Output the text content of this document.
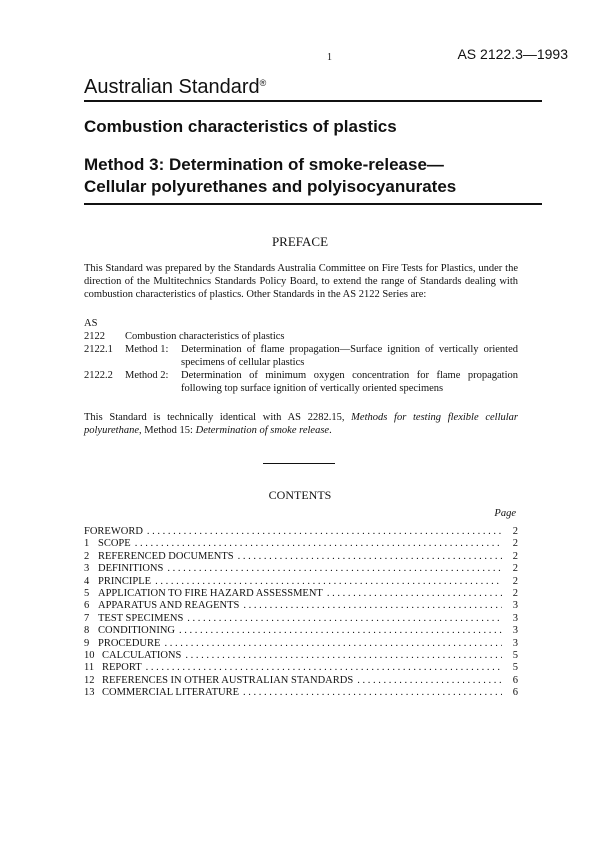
1	AS 2122.3—1993
Australian Standard®
Combustion characteristics of plastics
Method 3: Determination of smoke-release—
Cellular polyurethanes and polyisocyanurates
PREFACE
This Standard was prepared by the Standards Australia Committee on Fire Tests for Plastics, under the direction of the Multitechnics Standards Policy Board, to extend the range of Standards dealing with combustion characteristics of plastics. Other Standards in the AS 2122 Series are:
AS
2122	Combustion characteristics of plastics
2122.1	Method 1:	Determination of flame propagation—Surface ignition of vertically oriented specimens of cellular plastics
2122.2	Method 2:	Determination of minimum oxygen concentration for flame propagation following top surface ignition of vertically oriented specimens
This Standard is technically identical with AS 2282.15, Methods for testing flexible cellular polyurethane, Method 15: Determination of smoke release.
CONTENTS
Page
FOREWORD . . .	2
1 SCOPE . . .	2
2 REFERENCED DOCUMENTS . . .	2
3 DEFINITIONS . . .	2
4 PRINCIPLE . . .	2
5 APPLICATION TO FIRE HAZARD ASSESSMENT . . .	2
6 APPARATUS AND REAGENTS . . .	3
7 TEST SPECIMENS . . .	3
8 CONDITIONING . . .	3
9 PROCEDURE . . .	3
10 CALCULATIONS . . .	5
11 REPORT . . .	5
12 REFERENCES IN OTHER AUSTRALIAN STANDARDS . . .	6
13 COMMERCIAL LITERATURE . . .	6
